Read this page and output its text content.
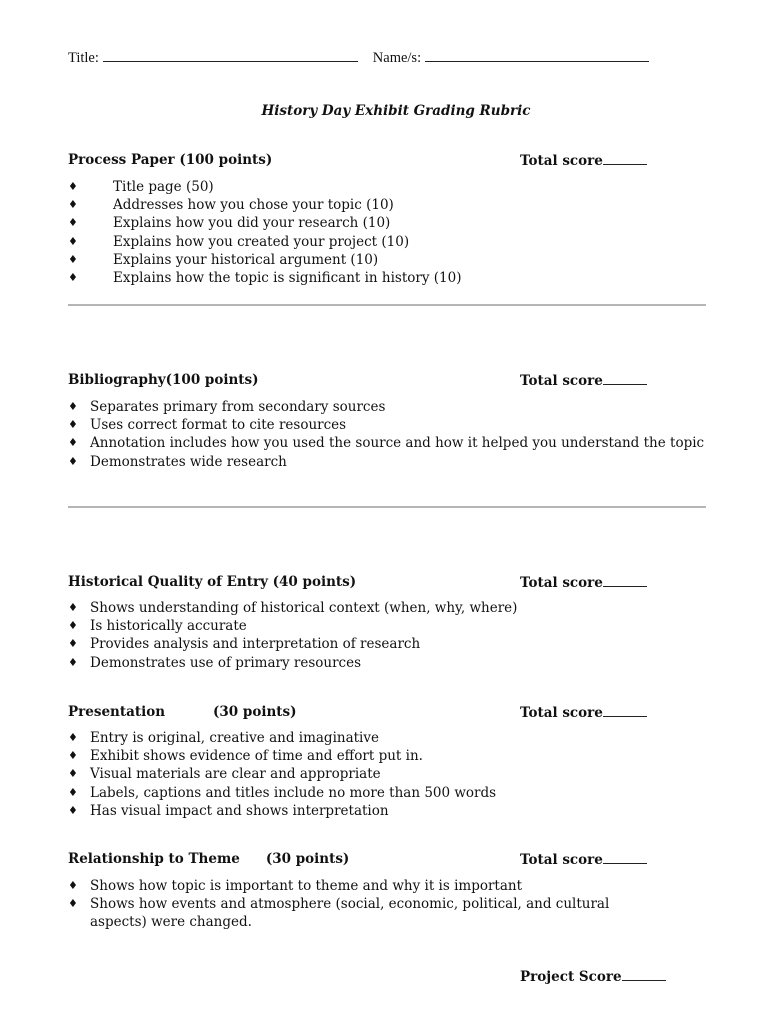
Title:	Name/s:
History Day Exhibit Grading Rubric
Process Paper (100 points)	Total score
♦	Title page (50)
♦	Addresses how you chose your topic (10)
♦	Explains how you did your research (10)
♦	Explains how you created your project (10)
♦	Explains your historical argument (10)
♦	Explains how the topic is significant in history (10)
Bibliography(100 points)	Total score
♦ Separates primary from secondary sources
♦ Uses correct format to cite resources
♦ Annotation includes how you used the source and how it helped you understand the topic
♦ Demonstrates wide research
Historical Quality of Entry (40 points)	Total score
♦ Shows understanding of historical context (when, why, where)
♦ Is historically accurate
♦ Provides analysis and interpretation of research
♦ Demonstrates use of primary resources
Presentation	(30 points)	Total score
♦ Entry is original, creative and imaginative
♦ Exhibit shows evidence of time and effort put in.
♦ Visual materials are clear and appropriate
♦ Labels, captions and titles include no more than 500 words
♦ Has visual impact and shows interpretation
Relationship to Theme (30 points)	Total score
♦ Shows how topic is important to theme and why it is important
♦ Shows how events and atmosphere (social, economic, political, and cultural aspects) were changed.
Project Score
